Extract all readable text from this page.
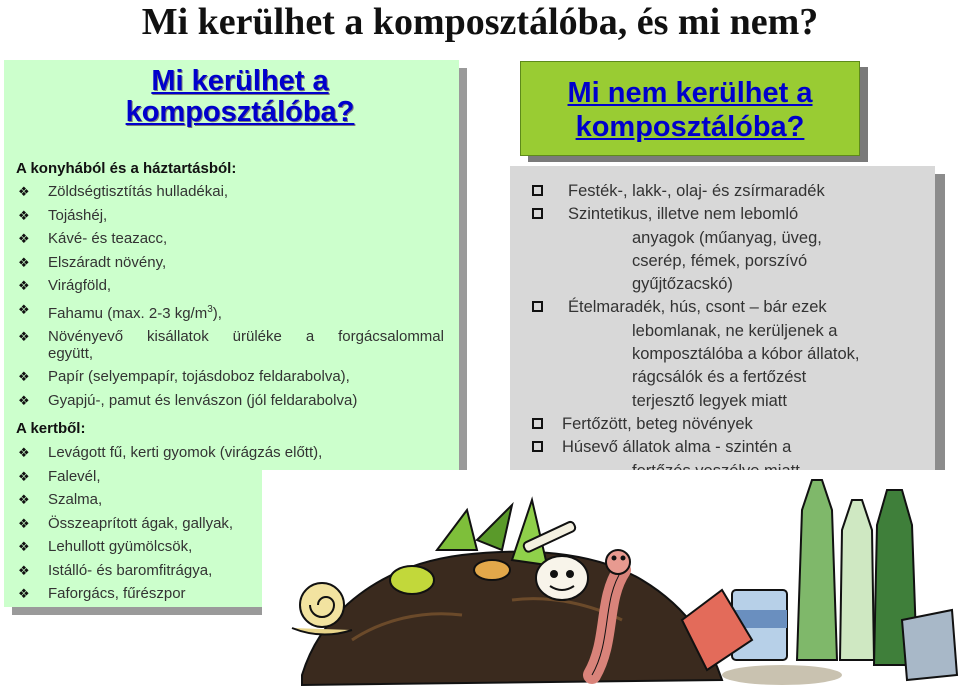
Mi kerülhet a komposztálóba, és mi nem?
Mi kerülhet a
komposztálóba?

A konyhából és a háztartásból:

❖ Zöldségtisztítás hulladékai,
❖ Tojáshéj,
❖ Kávé- és teazacc,
❖ Elszáradt növény,
❖ Virágföld,
❖ Fahamu (max. 2-3 $kg/m^3$),
❖ Növényevő kisállatok ürüléke a forgácsalommal
együtt,
❖ Papír (selyempapír, tojásdoboz feldarabolva),
❖ Gyapjú-, pamut és lenvászon (jól feldarabolva)

A kertből:

❖ Levágott fű, kerti gyomok (virágzás előtt),
❖ Falevél,
❖ Szalma,
❖ Összeaprított ágak, gallyak,
❖ Lehullott gyümölcsök,
❖ Istálló- és baromfitrágya,
❖ Faforgács, fűrészpor
Mi nem kerülhet a
komposztálóba?
Festék-, lakk-, olaj- és zsírmaradék
Szintetikus, illetve nem lebomló
anyagok (műanyag, üveg,
cserép, fémek, porszívó
gyűjtőzacskó)
Ételmaradék, hús, csont – bár ezek
lebomlanak, ne kerüljenek a
komposztálóba a kóbor állatok,
rágcsálók és a fertőzést
terjesztő legyek miatt
Fertőzött, beteg növények
Húsevő állatok alma - szintén a
